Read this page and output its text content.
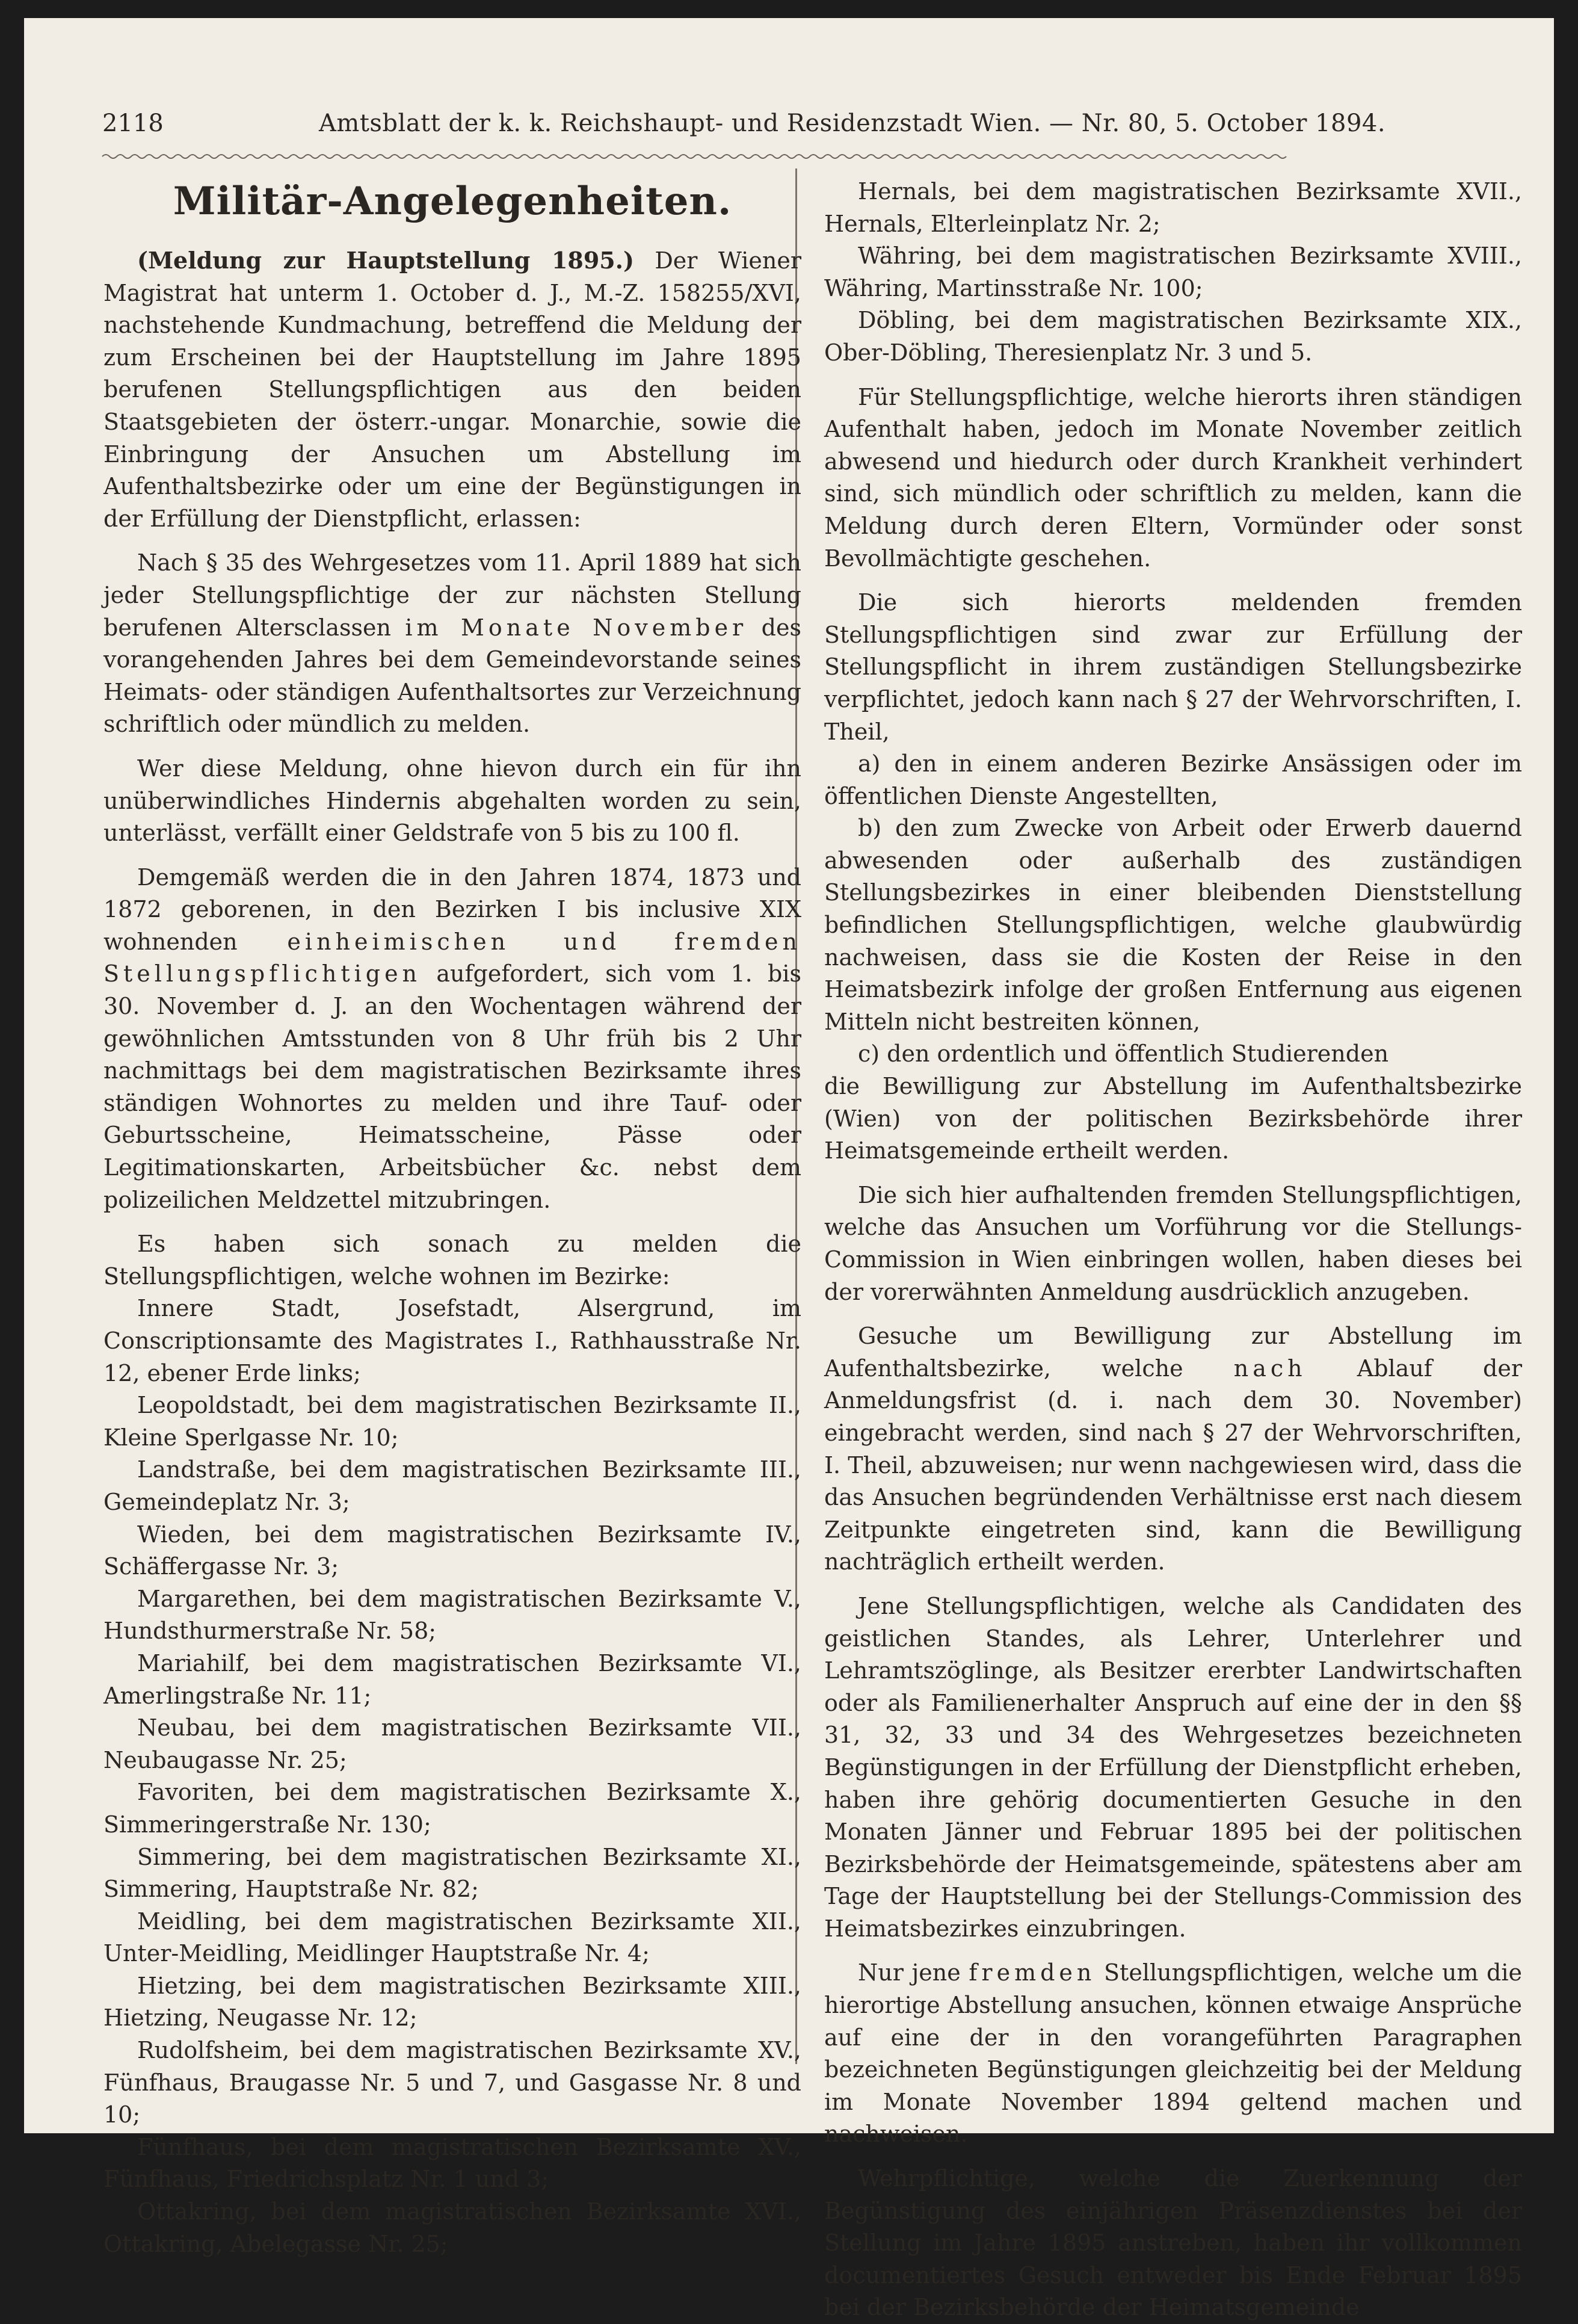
2118	Amtsblatt der k. k. Reichshaupt- und Residenzstadt Wien. — Nr. 80, 5. October 1894.

Militär-Angelegenheiten.

(Meldung zur Hauptstellung 1895.) Der Wiener Magistrat hat unterm 1. October d. J., M.-Z. 158255/XVI, nachstehende Kundmachung, betreffend die Meldung der zum Erscheinen bei der Hauptstellung im Jahre 1895 berufenen Stellungspflichtigen aus den beiden Staatsgebieten der österr.-ungar. Monarchie, sowie die Einbringung der Ansuchen um Abstellung im Aufenthaltsbezirke oder um eine der Begünstigungen in der Erfüllung der Dienstpflicht, erlassen:

Nach § 35 des Wehrgesetzes vom 11. April 1889 hat sich jeder Stellungspflichtige der zur nächsten Stellung berufenen Altersclassen im Monate November des vorangehenden Jahres bei dem Gemeindevorstande seines Heimats- oder ständigen Aufenthaltsortes zur Verzeichnung schriftlich oder mündlich zu melden.

Wer diese Meldung, ohne hievon durch ein für ihn unüberwindliches Hindernis abgehalten worden zu sein, unterlässt, verfällt einer Geldstrafe von 5 bis zu 100 fl.

Demgemäß werden die in den Jahren 1874, 1873 und 1872 geborenen, in den Bezirken I bis inclusive XIX wohnenden einheimischen und fremden Stellungspflichtigen aufgefordert, sich vom 1. bis 30. November d. J. an den Wochentagen während der gewöhnlichen Amtsstunden von 8 Uhr früh bis 2 Uhr nachmittags bei dem magistratischen Bezirksamte ihres ständigen Wohnortes zu melden und ihre Tauf- oder Geburtsscheine, Heimatsscheine, Pässe oder Legitimationskarten, Arbeitsbücher &c. nebst dem polizeilichen Meldzettel mitzubringen.

Es haben sich sonach zu melden die Stellungspflichtigen, welche wohnen im Bezirke:

Innere Stadt, Josefstadt, Alsergrund, im Conscriptionsamte des Magistrates I., Rathhausstraße Nr. 12, ebener Erde links;

Leopoldstadt, bei dem magistratischen Bezirksamte II., Kleine Sperlgasse Nr. 10;

Landstraße, bei dem magistratischen Bezirksamte III., Gemeindeplatz Nr. 3;

Wieden, bei dem magistratischen Bezirksamte IV., Schäffergasse Nr. 3;

Margarethen, bei dem magistratischen Bezirksamte V., Hundsthurmerstraße Nr. 58;

Mariahilf, bei dem magistratischen Bezirksamte VI., Amerlingstraße Nr. 11;

Neubau, bei dem magistratischen Bezirksamte VII., Neubaugasse Nr. 25;

Favoriten, bei dem magistratischen Bezirksamte X., Simmeringerstraße Nr. 130;

Simmering, bei dem magistratischen Bezirksamte XI., Simmering, Hauptstraße Nr. 82;

Meidling, bei dem magistratischen Bezirksamte XII., Unter-Meidling, Meidlinger Hauptstraße Nr. 4;

Hietzing, bei dem magistratischen Bezirksamte XIII., Hietzing, Neugasse Nr. 12;

Rudolfsheim, bei dem magistratischen Bezirksamte XV., Fünfhaus, Braugasse Nr. 5 und 7, und Gasgasse Nr. 8 und 10;

Fünfhaus, bei dem magistratischen Bezirksamte XV., Fünfhaus, Friedrichsplatz Nr. 1 und 3;

Ottakring, bei dem magistratischen Bezirksamte XVI., Ottakring, Abelegasse Nr. 25;

Hernals, bei dem magistratischen Bezirksamte XVII., Hernals, Elterleinplatz Nr. 2;

Währing, bei dem magistratischen Bezirksamte XVIII., Währing, Martinsstraße Nr. 100;

Döbling, bei dem magistratischen Bezirksamte XIX., Ober-Döbling, Theresienplatz Nr. 3 und 5.

Für Stellungspflichtige, welche hierorts ihren ständigen Aufenthalt haben, jedoch im Monate November zeitlich abwesend und hiedurch oder durch Krankheit verhindert sind, sich mündlich oder schriftlich zu melden, kann die Meldung durch deren Eltern, Vormünder oder sonst Bevollmächtigte geschehen.

Die sich hierorts meldenden fremden Stellungspflichtigen sind zwar zur Erfüllung der Stellungspflicht in ihrem zuständigen Stellungsbezirke verpflichtet, jedoch kann nach § 27 der Wehrvorschriften, I. Theil,

a) den in einem anderen Bezirke Ansässigen oder im öffentlichen Dienste Angestellten,

b) den zum Zwecke von Arbeit oder Erwerb dauernd abwesenden oder außerhalb des zuständigen Stellungsbezirkes in einer bleibenden Dienststellung befindlichen Stellungspflichtigen, welche glaubwürdig nachweisen, dass sie die Kosten der Reise in den Heimatsbezirk infolge der großen Entfernung aus eigenen Mitteln nicht bestreiten können,

c) den ordentlich und öffentlich Studierenden

die Bewilligung zur Abstellung im Aufenthaltsbezirke (Wien) von der politischen Bezirksbehörde ihrer Heimatsgemeinde ertheilt werden.

Die sich hier aufhaltenden fremden Stellungspflichtigen, welche das Ansuchen um Vorführung vor die Stellungs-Commission in Wien einbringen wollen, haben dieses bei der vorerwähnten Anmeldung ausdrücklich anzugeben.

Gesuche um Bewilligung zur Abstellung im Aufenthaltsbezirke, welche nach Ablauf der Anmeldungsfrist (d. i. nach dem 30. November) eingebracht werden, sind nach § 27 der Wehrvorschriften, I. Theil, abzuweisen; nur wenn nachgewiesen wird, dass die das Ansuchen begründenden Verhältnisse erst nach diesem Zeitpunkte eingetreten sind, kann die Bewilligung nachträglich ertheilt werden.

Jene Stellungspflichtigen, welche als Candidaten des geistlichen Standes, als Lehrer, Unterlehrer und Lehramtszöglinge, als Besitzer ererbter Landwirtschaften oder als Familienerhalter Anspruch auf eine der in den §§ 31, 32, 33 und 34 des Wehrgesetzes bezeichneten Begünstigungen in der Erfüllung der Dienstpflicht erheben, haben ihre gehörig documentierten Gesuche in den Monaten Jänner und Februar 1895 bei der politischen Bezirksbehörde der Heimatsgemeinde, spätestens aber am Tage der Hauptstellung bei der Stellungs-Commission des Heimatsbezirkes einzubringen.

Nur jene fremden Stellungspflichtigen, welche um die hierortige Abstellung ansuchen, können etwaige Ansprüche auf eine der in den vorangeführten Paragraphen bezeichneten Begünstigungen gleichzeitig bei der Meldung im Monate November 1894 geltend machen und nachweisen.

Wehrpflichtige, welche die Zuerkennung der Begünstigung des einjährigen Präsenzdienstes bei der Stellung im Jahre 1895 anstreben, haben ihr vollkommen documentiertes Gesuch entweder bis Ende Februar 1895 bei der Bezirksbehörde der Heimatsgemeinde
